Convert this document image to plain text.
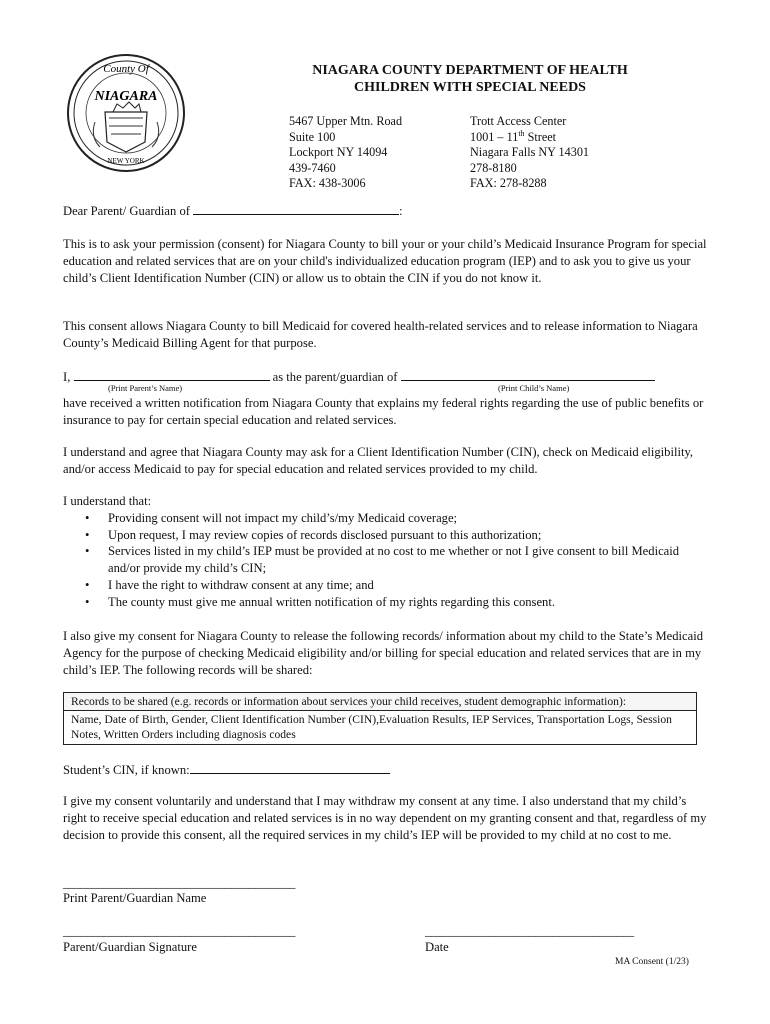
County Of
NIAGARA
NEW YORK
NIAGARA COUNTY DEPARTMENT OF HEALTH
CHILDREN WITH SPECIAL NEEDS
5467 Upper Mtn. Road
Suite 100
Lockport NY 14094
439-7460
FAX: 438-3006
Trott Access Center
1001 – 11th Street
Niagara Falls NY 14301
278-8180
FAX: 278-8288
Dear Parent/ Guardian of	:
This is to ask your permission (consent) for Niagara County to bill your or your child’s Medicaid Insurance Program for special education and related services that are on your child's individualized education program (IEP) and to ask you to give us your child’s Client Identification Number (CIN) or allow us to obtain the CIN if you do not know it.
This consent allows Niagara County to bill Medicaid for covered health-related services and to release information to Niagara County’s Medicaid Billing Agent for that purpose.
I,	as the parent/guardian of
(Print Parent’s Name)	(Print Child’s Name)
have received a written notification from Niagara County that explains my federal rights regarding the use of public benefits or insurance to pay for certain special education and related services.
I understand and agree that Niagara County may ask for a Client Identification Number (CIN), check on Medicaid eligibility, and/or access Medicaid to pay for special education and related services provided to my child.
I understand that:
• Providing consent will not impact my child’s/my Medicaid coverage;
• Upon request, I may review copies of records disclosed pursuant to this authorization;
• Services listed in my child’s IEP must be provided at no cost to me whether or not I give consent to bill Medicaid and/or provide my child’s CIN;
• I have the right to withdraw consent at any time; and
• The county must give me annual written notification of my rights regarding this consent.
I also give my consent for Niagara County to release the following records/ information about my child to the State’s Medicaid Agency for the purpose of checking Medicaid eligibility and/or billing for special education and related services that are in my child’s IEP. The following records will be shared:
Records to be shared (e.g. records or information about services your child receives, student demographic information):
Name, Date of Birth, Gender, Client Identification Number (CIN),Evaluation Results, IEP Services, Transportation Logs, Session Notes, Written Orders including diagnosis codes
Student’s CIN, if known:
I give my consent voluntarily and understand that I may withdraw my consent at any time. I also understand that my child’s right to receive special education and related services is in no way dependent on my granting consent and that, regardless of my decision to provide this consent, all the required services in my child’s IEP will be provided to my child at no cost to me.
________________________________________
Print Parent/Guardian Name
________________________________________
Parent/Guardian Signature
____________________________________
Date
MA Consent (1/23)
